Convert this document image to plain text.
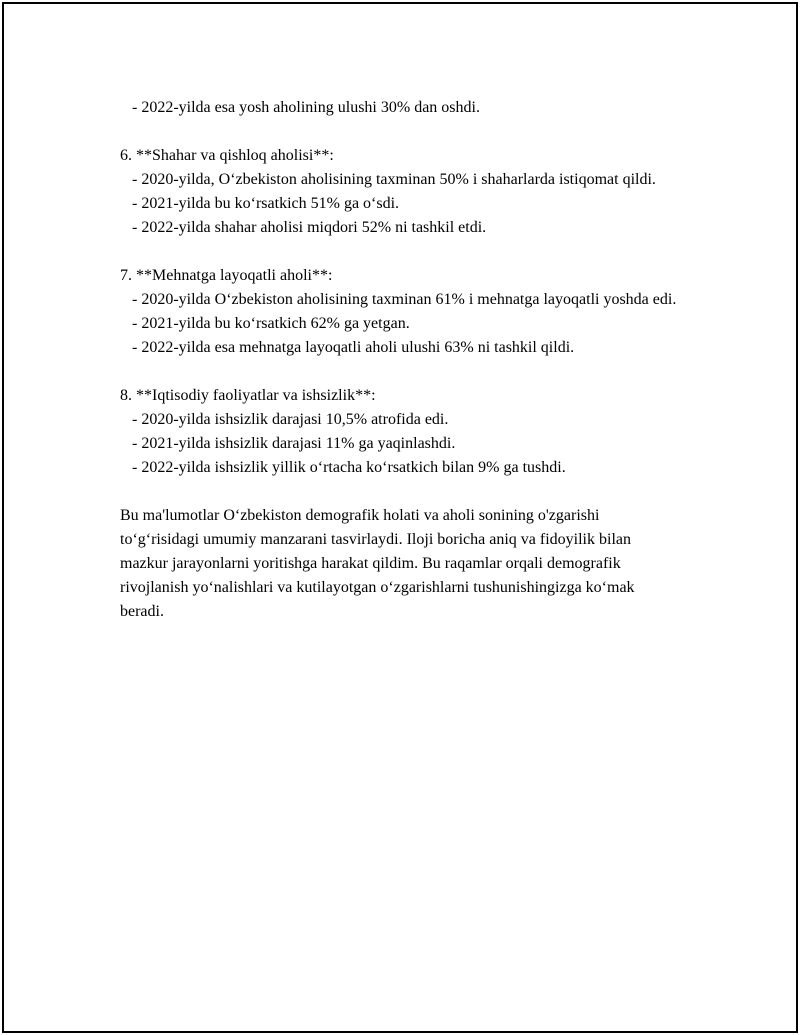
- 2022-yilda esa yosh aholining ulushi 30% dan oshdi.

6. **Shahar va qishloq aholisi**:

- 2020-yilda, O‘zbekiston aholisining taxminan 50% i shaharlarda istiqomat qildi.

- 2021-yilda bu ko‘rsatkich 51% ga o‘sdi.

- 2022-yilda shahar aholisi miqdori 52% ni tashkil etdi.

7. **Mehnatga layoqatli aholi**:

- 2020-yilda O‘zbekiston aholisining taxminan 61% i mehnatga layoqatli yoshda edi.

- 2021-yilda bu ko‘rsatkich 62% ga yetgan.

- 2022-yilda esa mehnatga layoqatli aholi ulushi 63% ni tashkil qildi.

8. **Iqtisodiy faoliyatlar va ishsizlik**:

- 2020-yilda ishsizlik darajasi 10,5% atrofida edi.

- 2021-yilda ishsizlik darajasi 11% ga yaqinlashdi.

- 2022-yilda ishsizlik yillik o‘rtacha ko‘rsatkich bilan 9% ga tushdi.

Bu ma'lumotlar O‘zbekiston demografik holati va aholi sonining o'zgarishi to‘g‘risidagi umumiy manzarani tasvirlaydi. Iloji boricha aniq va fidoyilik bilan mazkur jarayonlarni yoritishga harakat qildim. Bu raqamlar orqali demografik rivojlanish yo‘nalishlari va kutilayotgan o‘zgarishlarni tushunishingizga ko‘mak beradi.
